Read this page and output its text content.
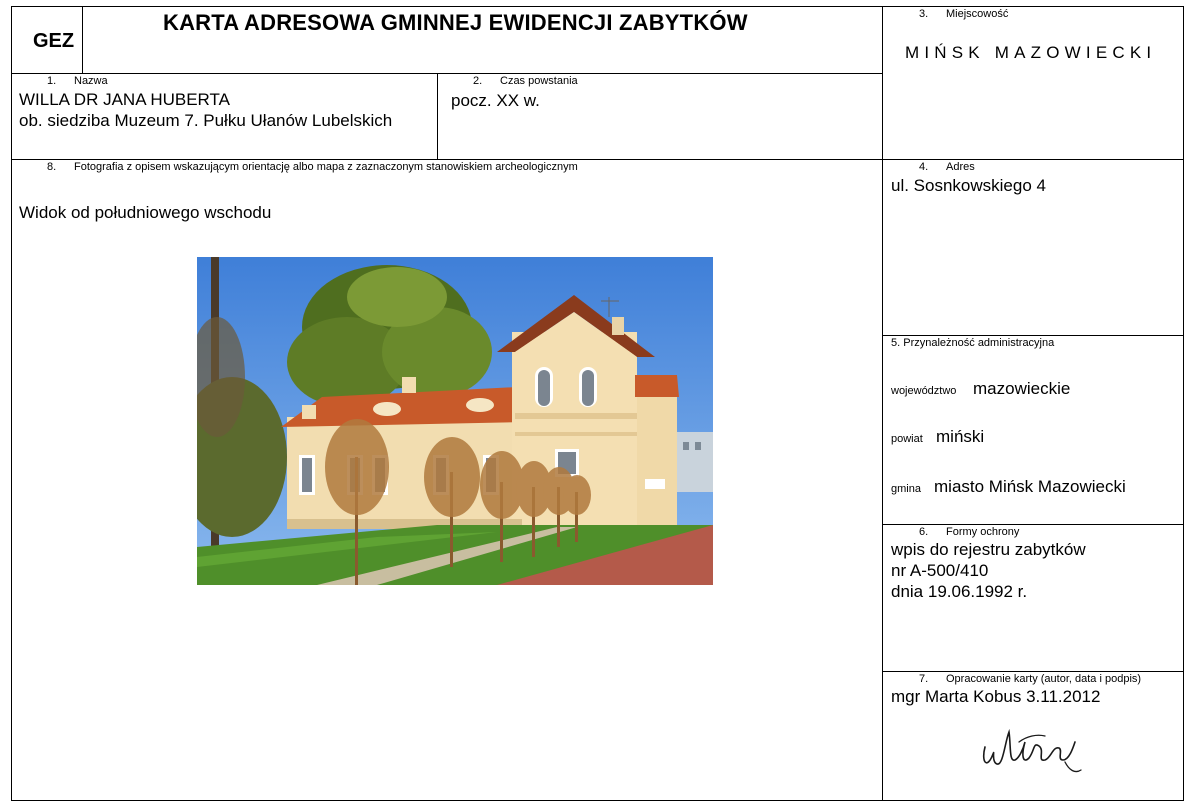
GEZ
KARTA ADRESOWA GMINNEJ EWIDENCJI ZABYTKÓW	3. Miejscowość
MIŃSK MAZOWIECKI
1. Nazwa
WILLA DR JANA HUBERTA
ob. siedziba Muzeum 7. Pułku Ułanów Lubelskich
2. Czas powstania
pocz. XX w.
8. Fotografia z opisem wskazującym orientację albo mapa z zaznaczonym stanowiskiem archeologicznym
Widok od południowego wschodu
4. Adres
ul. Sosnkowskiego 4
5. Przynależność administracyjna
województwo mazowieckie
powiat miński
gmina miasto Mińsk Mazowiecki
6. Formy ochrony
wpis do rejestru zabytków
nr A-500/410
dnia 19.06.1992 r.
7. Opracowanie karty (autor, data i podpis)
mgr Marta Kobus 3.11.2012
